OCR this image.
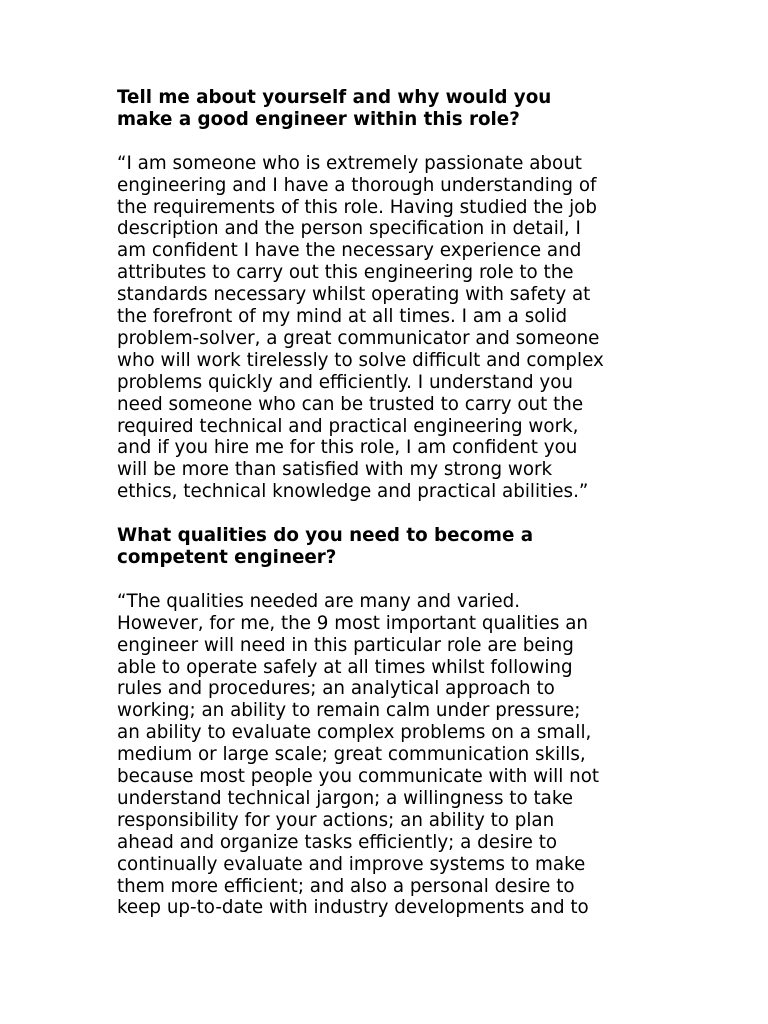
Tell me about yourself and why would you
make a good engineer within this role?
“I am someone who is extremely passionate about
engineering and I have a thorough understanding of
the requirements of this role. Having studied the job
description and the person specification in detail, I
am confident I have the necessary experience and
attributes to carry out this engineering role to the
standards necessary whilst operating with safety at
the forefront of my mind at all times. I am a solid
problem-solver, a great communicator and someone
who will work tirelessly to solve difficult and complex
problems quickly and efficiently. I understand you
need someone who can be trusted to carry out the
required technical and practical engineering work,
and if you hire me for this role, I am confident you
will be more than satisfied with my strong work
ethics, technical knowledge and practical abilities.”
What qualities do you need to become a
competent engineer?
“The qualities needed are many and varied.
However, for me, the 9 most important qualities an
engineer will need in this particular role are being
able to operate safely at all times whilst following
rules and procedures; an analytical approach to
working; an ability to remain calm under pressure;
an ability to evaluate complex problems on a small,
medium or large scale; great communication skills,
because most people you communicate with will not
understand technical jargon; a willingness to take
responsibility for your actions; an ability to plan
ahead and organize tasks efficiently; a desire to
continually evaluate and improve systems to make
them more efficient; and also a personal desire to
keep up-to-date with industry developments and to
